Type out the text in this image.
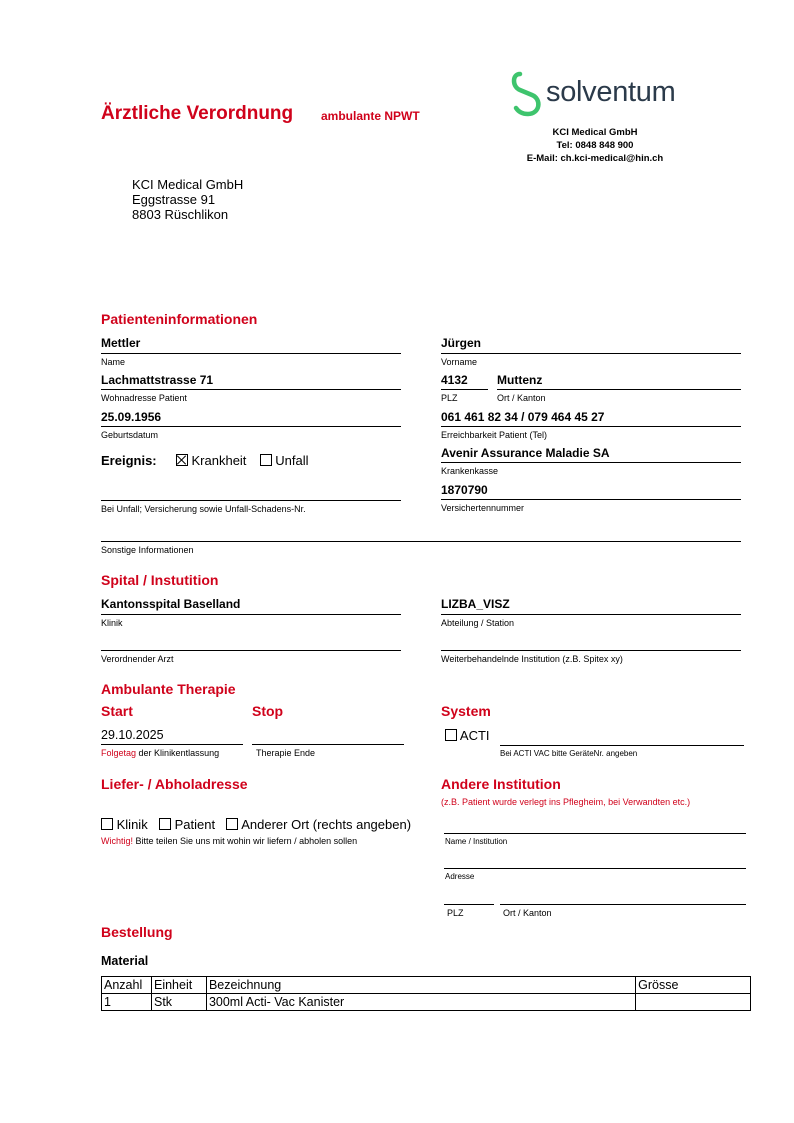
Ärztliche Verordnung ambulante NPWT
solventum
KCI Medical GmbH
Tel: 0848 848 900
E-Mail: ch.kci-medical@hin.ch
KCI Medical GmbH
Eggstrasse 91
8803 Rüschlikon
Patienteninformationen
Mettler
Name
Jürgen
Vorname
Lachmattstrasse 71
Wohnadresse Patient
4132
PLZ
Muttenz
Ort / Kanton
25.09.1956
Geburtsdatum
061 461 82 34 / 079 464 45 27
Erreichbarkeit Patient (Tel)
Ereignis:	Krankheit Unfall	Avenir Assurance Maladie SA
Krankenkasse
Bei Unfall; Versicherung sowie Unfall-Schadens-Nr.
1870790
Versichertennummer
Sonstige Informationen
Spital / Instutition
Kantonsspital Baselland
Klinik
LIZBA_VISZ
Abteilung / Station
Verordnender Arzt	Weiterbehandelnde Institution (z.B. Spitex xy)
Ambulante Therapie
Start	Stop	System
29.10.2025
Folgetag der Klinikentlassung	Therapie Ende
ACTI
Bei ACTI VAC bitte GeräteNr. angeben
Liefer- / Abholadresse
Klinik Patient Anderer Ort (rechts angeben)
Wichtig! Bitte teilen Sie uns mit wohin wir liefern / abholen sollen
Andere Institution
(z.B. Patient wurde verlegt ins Pflegheim, bei Verwandten etc.)
Name / Institution
Adresse
PLZ	Ort / Kanton
Bestellung
Material
Anzahl	Einheit	Bezeichnung	Grösse
1	Stk	300ml Acti- Vac Kanister	
